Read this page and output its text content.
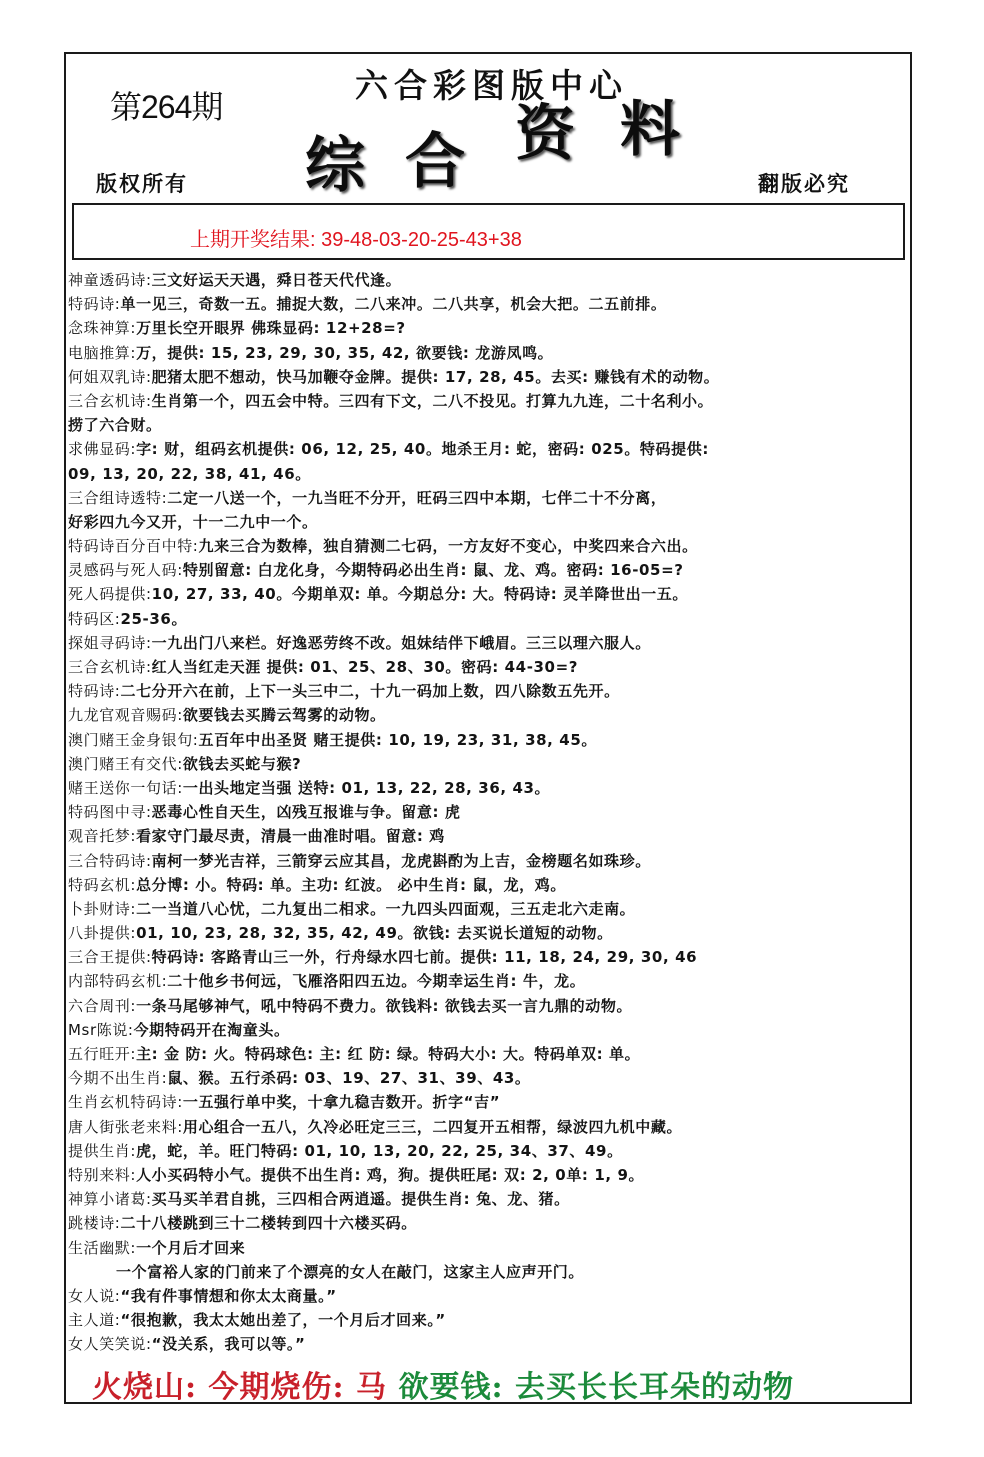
第264期
六合彩图版中心
综 合 资 料
版权所有	翻版必究
上期开奖结果: 39-48-03-20-25-43+38
神童透码诗:三文好运天天遇，舜日苍天代代逢。
特码诗:单一见三，奇数一五。捕捉大数，二八来冲。二八共享，机会大把。二五前排。
念珠神算:万里长空开眼界 佛珠显码: 12+28=?
电脑推算:万，提供: 15, 23, 29, 30, 35, 42, 欲要钱: 龙游凤鸣。
何姐双乳诗:肥猪太肥不想动，快马加鞭夺金牌。提供: 17, 28, 45。去买: 赚钱有术的动物。
三合玄机诗:生肖第一个，四五会中特。三四有下文，二八不投见。打算九九连，二十名利小。
捞了六合财。
求佛显码:字: 财，组码玄机提供: 06, 12, 25, 40。地杀王月: 蛇，密码: 025。特码提供:
09, 13, 20, 22, 38, 41, 46。
三合组诗透特:二定一八送一个，一九当旺不分开，旺码三四中本期，七伴二十不分离，
好彩四九今又开，十一二九中一个。
特码诗百分百中特:九来三合为数棒，独自猜测二七码，一方友好不变心，中奖四来合六出。
灵感码与死人码:特别留意: 白龙化身，今期特码必出生肖: 鼠、龙、鸡。密码: 16-05=?
死人码提供:10, 27, 33, 40。今期单双: 单。今期总分: 大。特码诗: 灵羊降世出一五。
特码区:25-36。
探姐寻码诗:一九出门八来栏。好逸恶劳终不改。姐妹结伴下峨眉。三三以理六服人。
三合玄机诗:红人当红走天涯 提供: 01、25、28、30。密码: 44-30=?
特码诗:二七分开六在前，上下一头三中二，十九一码加上数，四八除数五先开。
九龙官观音赐码:欲要钱去买腾云驾雾的动物。
澳门赌王金身银句:五百年中出圣贤 赌王提供: 10, 19, 23, 31, 38, 45。
澳门赌王有交代:欲钱去买蛇与猴?
赌王送你一句话:一出头地定当强 送特: 01, 13, 22, 28, 36, 43。
特码图中寻:恶毒心性自天生，凶残互报谁与争。留意: 虎
观音托梦:看家守门最尽责，清晨一曲准时唱。留意: 鸡
三合特码诗:南柯一梦光吉祥，三箭穿云应其昌，龙虎斟酌为上吉，金榜题名如珠珍。
特码玄机:总分博: 小。特码: 单。主功: 红波。 必中生肖: 鼠，龙，鸡。
卜卦财诗:二一当道八心忧，二九复出二相求。一九四头四面观，三五走北六走南。
八卦提供:01, 10, 23, 28, 32, 35, 42, 49。欲钱: 去买说长道短的动物。
三合王提供:特码诗: 客路青山三一外，行舟绿水四七前。提供: 11, 18, 24, 29, 30, 46
内部特码玄机:二十他乡书何远，飞雁洛阳四五边。今期幸运生肖: 牛，龙。
六合周刊:一条马尾够神气，吼中特码不费力。欲钱料: 欲钱去买一言九鼎的动物。
Msr陈说:今期特码开在淘童头。
五行旺开:主: 金 防: 火。特码球色: 主: 红 防: 绿。特码大小: 大。特码单双: 单。
今期不出生肖:鼠、猴。五行杀码: 03、19、27、31、39、43。
生肖玄机特码诗:一五强行单中奖，十拿九稳吉数开。折字“吉”
唐人街张老来料:用心组合一五八，久冷必旺定三三，二四复开五相帮，绿波四九机中藏。
提供生肖:虎，蛇，羊。旺门特码: 01, 10, 13, 20, 22, 25, 34、37、49。
特别来料:人小买码特小气。提供不出生肖: 鸡，狗。提供旺尾: 双: 2, 0单: 1, 9。
神算小诸葛:买马买羊君自挑，三四相合两逍遥。提供生肖: 兔、龙、猪。
跳楼诗:二十八楼跳到三十二楼转到四十六楼买码。
生活幽默:一个月后才回来
一个富裕人家的门前来了个漂亮的女人在敲门，这家主人应声开门。
女人说:“我有件事情想和你太太商量。”
主人道:“很抱歉，我太太她出差了，一个月后才回来。”
女人笑笑说:“没关系，我可以等。”
火烧山: 今期烧伤: 马 欲要钱: 去买长长耳朵的动物
